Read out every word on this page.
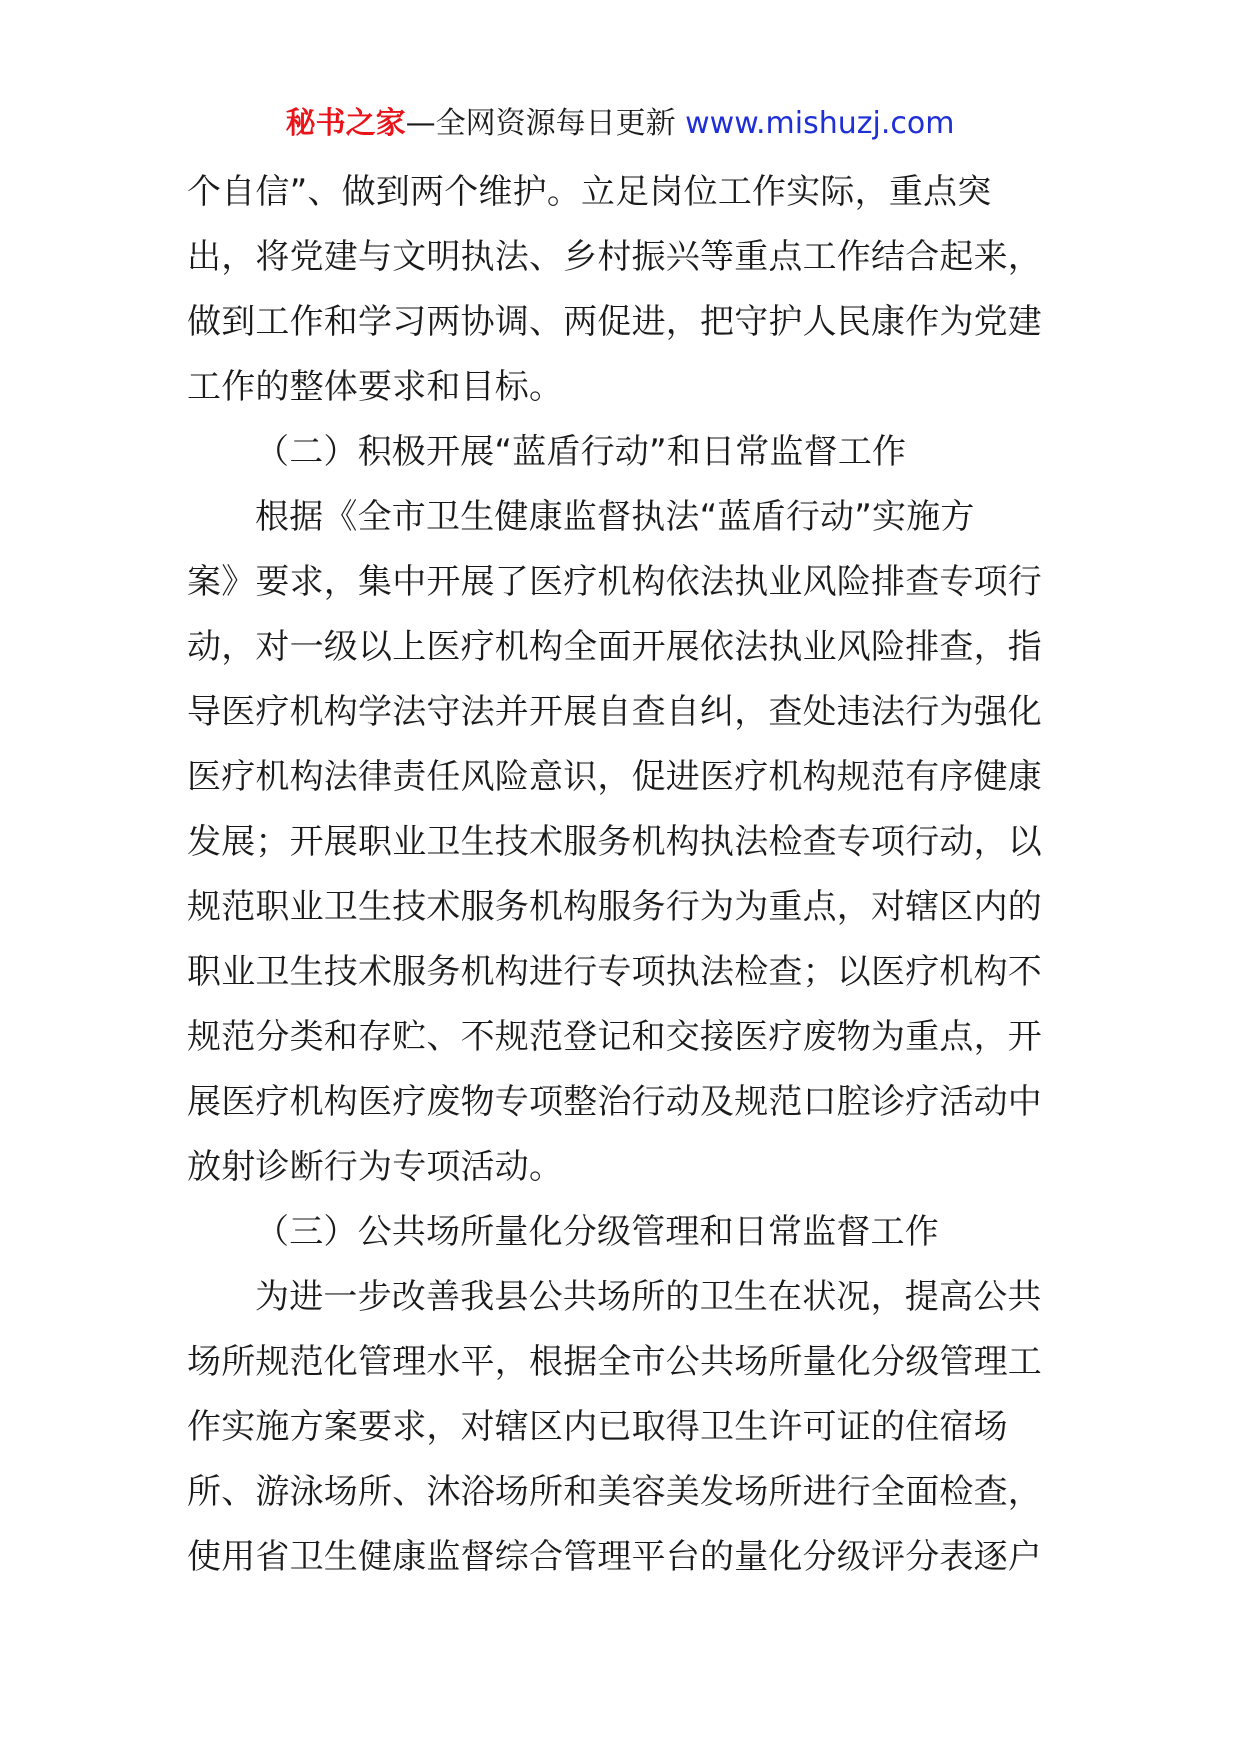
秘书之家—全网资源每日更新 www.mishuzj.com
个自信”、做到两个维护。立足岗位工作实际，重点突
出，将党建与文明执法、乡村振兴等重点工作结合起来，
做到工作和学习两协调、两促进，把守护人民康作为党建
工作的整体要求和目标。
（二）积极开展“蓝盾行动”和日常监督工作
根据《全市卫生健康监督执法“蓝盾行动”实施方
案》要求，集中开展了医疗机构依法执业风险排查专项行
动，对一级以上医疗机构全面开展依法执业风险排查，指
导医疗机构学法守法并开展自查自纠，查处违法行为强化
医疗机构法律责任风险意识，促进医疗机构规范有序健康
发展；开展职业卫生技术服务机构执法检查专项行动，以
规范职业卫生技术服务机构服务行为为重点，对辖区内的
职业卫生技术服务机构进行专项执法检查；以医疗机构不
规范分类和存贮、不规范登记和交接医疗废物为重点，开
展医疗机构医疗废物专项整治行动及规范口腔诊疗活动中
放射诊断行为专项活动。
（三）公共场所量化分级管理和日常监督工作
为进一步改善我县公共场所的卫生在状况，提高公共
场所规范化管理水平，根据全市公共场所量化分级管理工
作实施方案要求，对辖区内已取得卫生许可证的住宿场
所、游泳场所、沐浴场所和美容美发场所进行全面检查，
使用省卫生健康监督综合管理平台的量化分级评分表逐户
